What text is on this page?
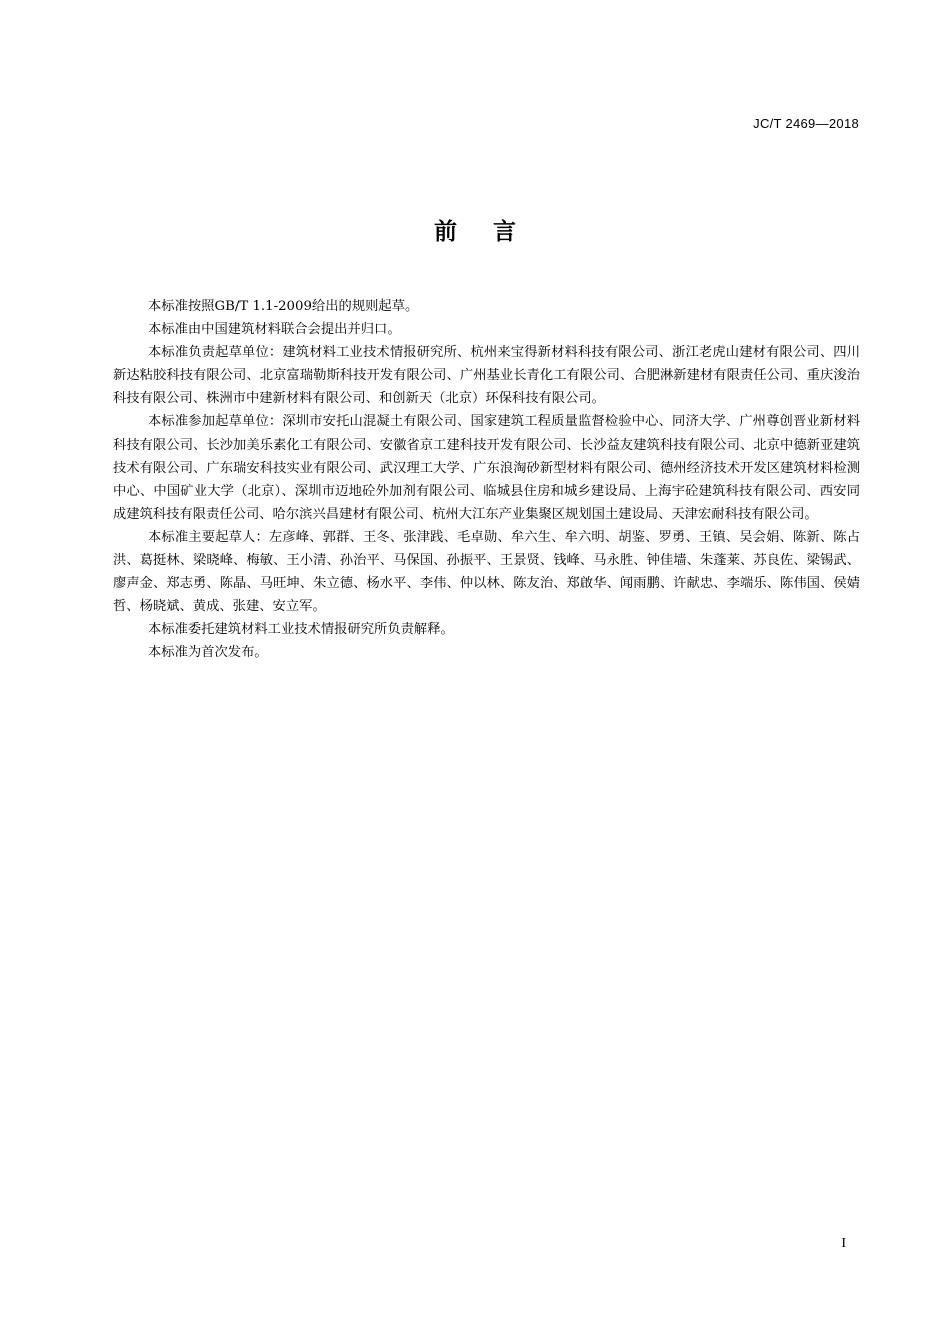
JC/T 2469—2018
前言

本标准按照GB/T 1.1-2009给出的规则起草。

本标准由中国建筑材料联合会提出并归口。

本标准负责起草单位：建筑材料工业技术情报研究所、杭州来宝得新材料科技有限公司、浙江老虎山建材有限公司、四川新达粘胶科技有限公司、北京富瑞勒斯科技开发有限公司、广州基业长青化工有限公司、合肥淋新建材有限责任公司、重庆浚治科技有限公司、株洲市中建新材料有限公司、和创新天（北京）环保科技有限公司。

本标准参加起草单位：深圳市安托山混凝土有限公司、国家建筑工程质量监督检验中心、同济大学、广州尊创晋业新材料科技有限公司、长沙加美乐素化工有限公司、安徽省京工建科技开发有限公司、长沙益友建筑科技有限公司、北京中德新亚建筑技术有限公司、广东瑞安科技实业有限公司、武汉理工大学、广东浪淘砂新型材料有限公司、德州经济技术开发区建筑材料检测中心、中国矿业大学（北京）、深圳市迈地砼外加剂有限公司、临城县住房和城乡建设局、上海宇砼建筑科技有限公司、西安同成建筑科技有限责任公司、哈尔滨兴昌建材有限公司、杭州大江东产业集聚区规划国土建设局、天津宏耐科技有限公司。

本标准主要起草人：左彦峰、郭群、王冬、张津践、毛卓勋、牟六生、牟六明、胡鉴、罗勇、王镇、吴会娟、陈新、陈占洪、葛挺林、梁晓峰、梅敏、王小清、孙治平、马保国、孙振平、王景贤、钱峰、马永胜、钟佳墙、朱蓬莱、苏良佐、梁锡武、廖声金、郑志勇、陈晶、马旺坤、朱立德、杨水平、李伟、仲以林、陈友治、郑啟华、闻雨鹏、许献忠、李端乐、陈伟国、侯婧哲、杨晓斌、黄成、张建、安立军。

本标准委托建筑材料工业技术情报研究所负责解释。

本标准为首次发布。

I
